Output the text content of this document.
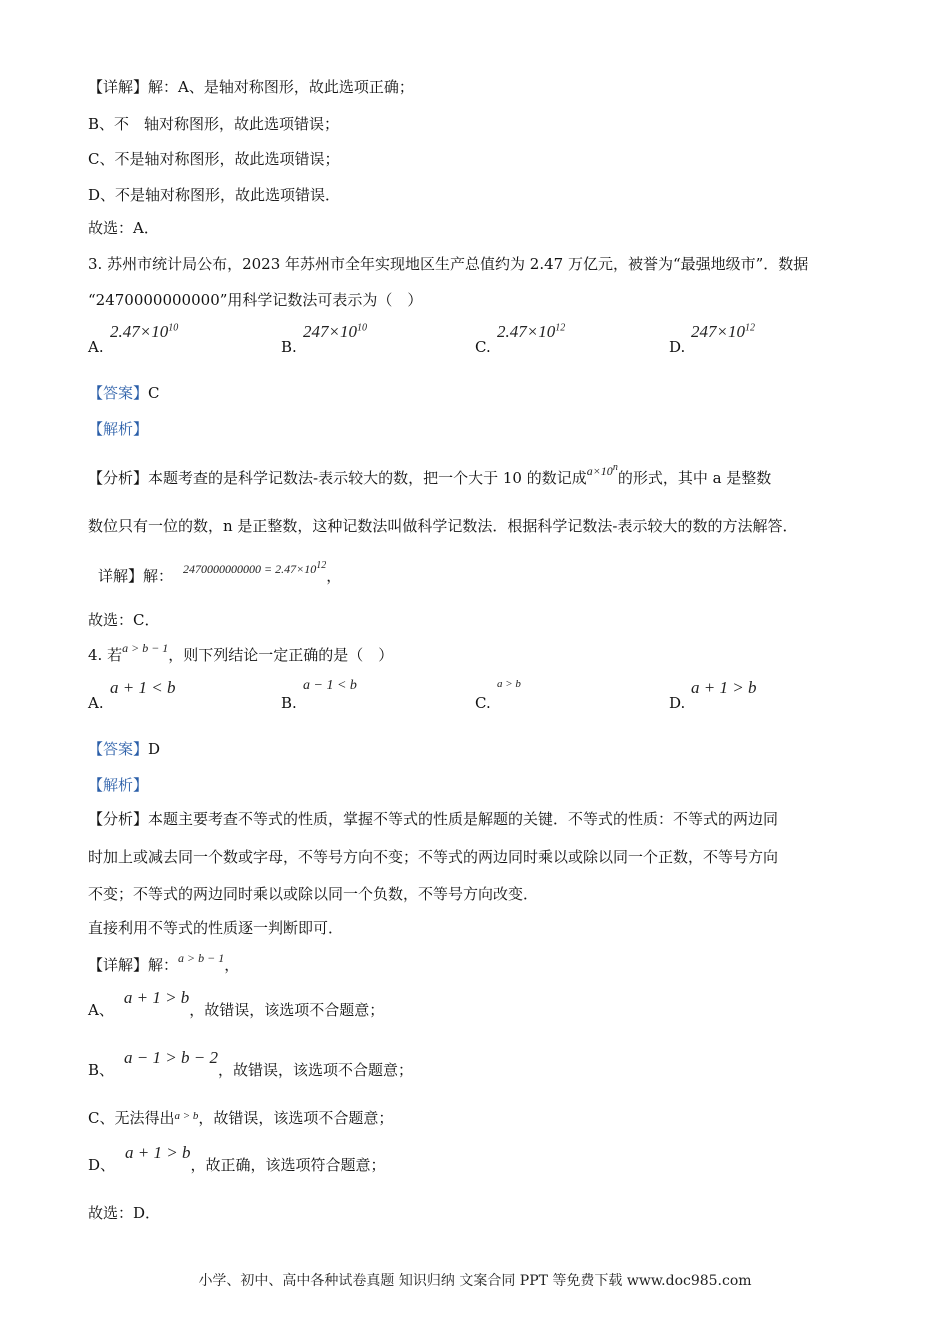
【详解】解：A、是轴对称图形，故此选项正确；
B、不　轴对称图形，故此选项错误；
C、不是轴对称图形，故此选项错误；
D、不是轴对称图形，故此选项错误．
故选：A．
3. 苏州市统计局公布，2023 年苏州市全年实现地区生产总值约为 2.47 万亿元，被誉为“最强地级市”．数据
“2470000000000”用科学记数法可表示为（　）
A.
$2.47\times 10^{10}$
B.
$247\times 10^{10}$
C.
$2.47\times 10^{12}$
D.
$247\times 10^{12}$
【答案】C
【解析】
【分析】本题考查的是科学记数法-表示较大的数，把一个大于 10 的数记成$^{a\times 10^n}$的形式，其中 a 是整数
数位只有一位的数，n 是正整数，这种记数法叫做科学记数法．根据科学记数法-表示较大的数的方法解答．
详解】解： $^{2470000000000 = 2.47\times 10^{12}}$，
故选：C．
4. 若$^{a > b - 1}$，则下列结论一定正确的是（　）
A.
a + 1 < b
B.
a − 1 < b
C.
a > b
D.
a + 1 > b
【答案】D
【解析】
【分析】本题主要考查不等式的性质，掌握不等式的性质是解题的关键．不等式的性质：不等式的两边同
时加上或减去同一个数或字母，不等号方向不变；不等式的两边同时乘以或除以同一个正数，不等号方向
不变；不等式的两边同时乘以或除以同一个负数，不等号方向改变．
直接利用不等式的性质逐一判断即可．
【详解】解：$^{a > b - 1}$，
A、a + 1 > b，故错误，该选项不合题意；
B、a − 1 > b − 2，故错误，该选项不合题意；
C、无法得出$^{a > b}$，故错误，该选项不合题意；
D、a + 1 > b，故正确，该选项符合题意；
故选：D．
小学、初中、高中各种试卷真题 知识归纳 文案合同 PPT 等免费下载 www.doc985.com
